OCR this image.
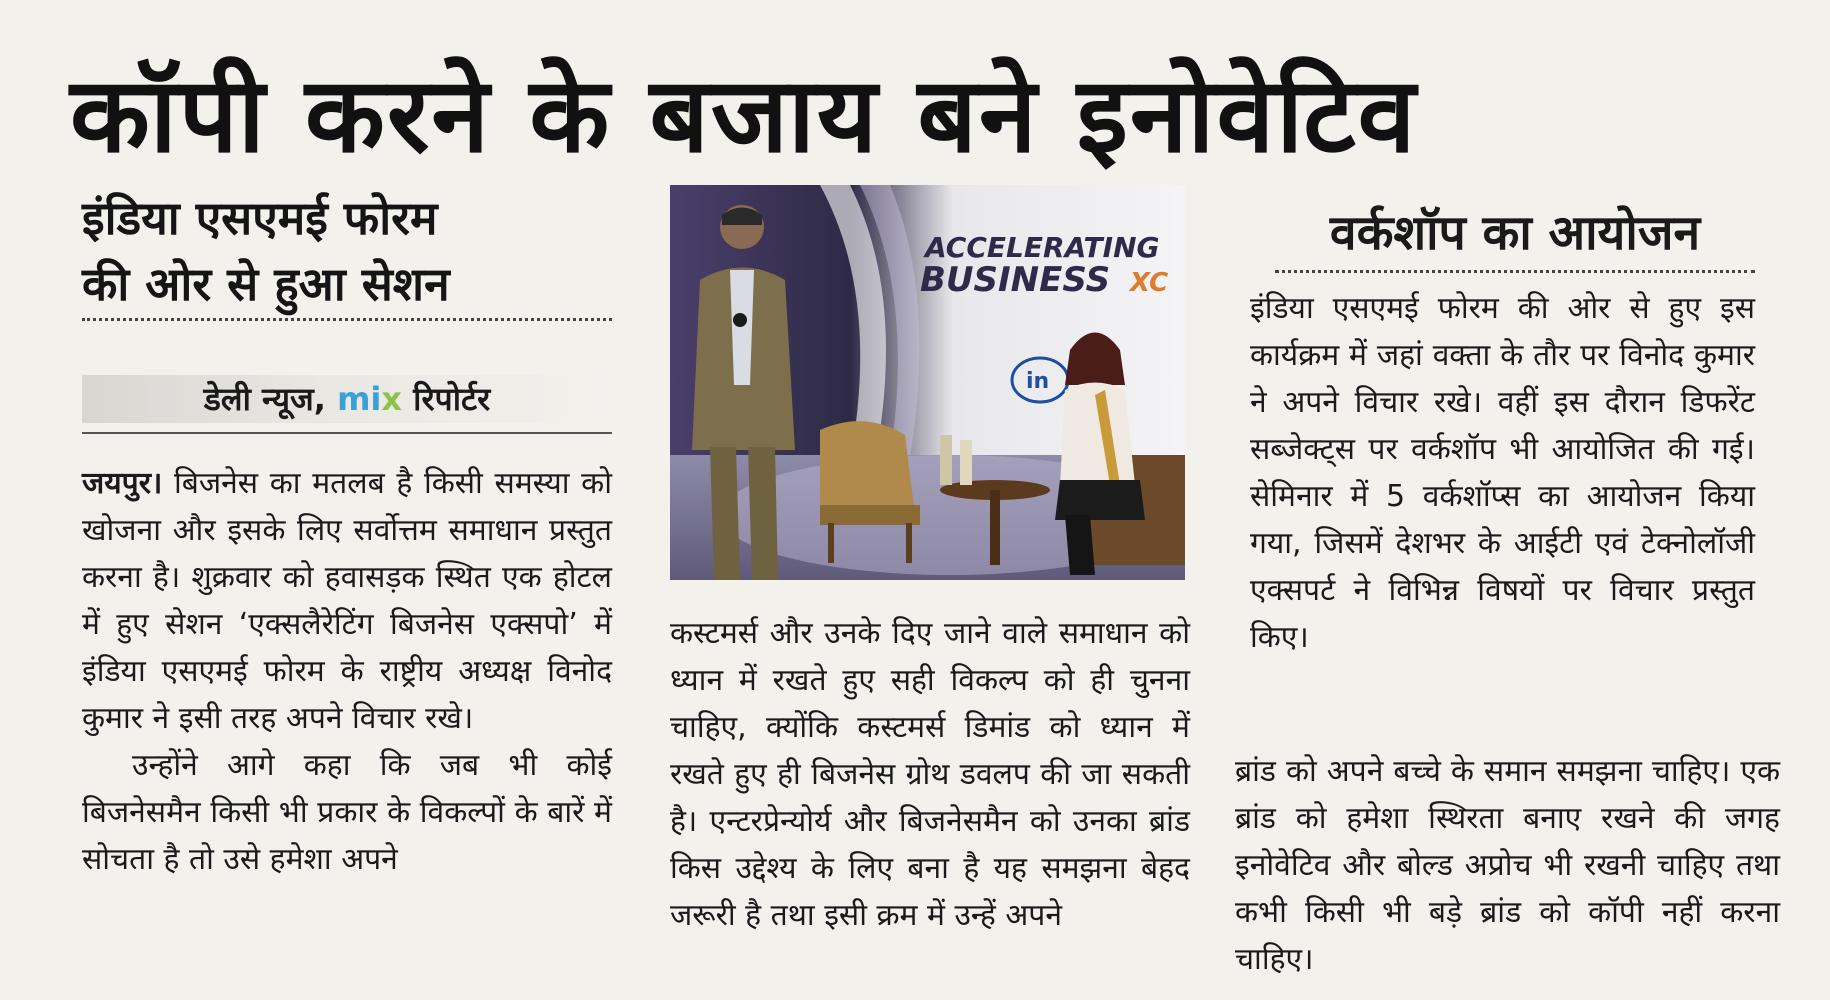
कॉपी करने के बजाय बने इनोवेटिव
इंडिया एसएमई फोरम
की ओर से हुआ सेशन
डेली न्यूज, mix रिपोर्टर

जयपुर। बिजनेस का मतलब है किसी समस्या को खोजना और इसके लिए सर्वोत्तम समाधान प्रस्तुत करना है। शुक्रवार को हवासड़क स्थित एक होटल में हुए सेशन ‘एक्सलैरेटिंग बिजनेस एक्सपो’ में इंडिया एसएमई फोरम के राष्ट्रीय अध्यक्ष विनोद कुमार ने इसी तरह अपने विचार रखे।

उन्होंने आगे कहा कि जब भी कोई बिजनेसमैन किसी भी प्रकार के विकल्पों के बारें में सोचता है तो उसे हमेशा अपने

ACCELERATING
BUSINESS XC
in

कस्टमर्स और उनके दिए जाने वाले समाधान को ध्यान में रखते हुए सही विकल्प को ही चुनना चाहिए, क्योंकि कस्टमर्स डिमांड को ध्यान में रखते हुए ही बिजनेस ग्रोथ डवलप की जा सकती है। एन्टरप्रेन्योर्य और बिजनेसमैन को उनका ब्रांड किस उद्देश्य के लिए बना है यह समझना बेहद जरूरी है तथा इसी क्रम में उन्हें अपने

वर्कशॉप का आयोजन

इंडिया एसएमई फोरम की ओर से हुए इस कार्यक्रम में जहां वक्ता के तौर पर विनोद कुमार ने अपने विचार रखे। वहीं इस दौरान डिफरेंट सब्जेक्ट्स पर वर्कशॉप भी आयोजित की गई। सेमिनार में 5 वर्कशॉप्स का आयोजन किया गया, जिसमें देशभर के आईटी एवं टेक्नोलॉजी एक्सपर्ट ने विभिन्न विषयों पर विचार प्रस्तुत किए।

ब्रांड को अपने बच्चे के समान समझना चाहिए। एक ब्रांड को हमेशा स्थिरता बनाए रखने की जगह इनोवेटिव और बोल्ड अप्रोच भी रखनी चाहिए तथा कभी किसी भी बड़े ब्रांड को कॉपी नहीं करना चाहिए।
